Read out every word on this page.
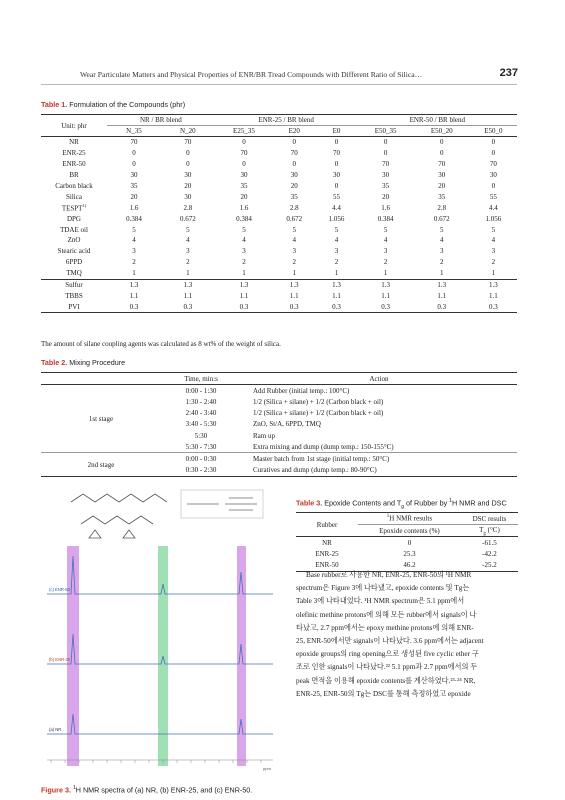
Wear Particulate Matters and Physical Properties of ENR/BR Tread Compounds with Different Ratio of Silica…	237
Table 1. Formulation of the Compounds (phr)
Unit: phr	NR / BR blend		ENR-25 / BR blend			ENR-50 / BR blend		
	N_35	N_20	E25_35	E20	E0	E50_35	E50_20	E50_0
NR	70	70	0	0	0	0	0	0
ENR-25	0	0	70	70	70	0	0	0
ENR-50	0	0	0	0	0	70	70	70
BR	30	30	30	30	30	30	30	30
Carbon black	35	20	35	20	0	35	20	0
Silica	20	30	20	35	55	20	35	55
TESPT$^{1)}$	1.6	2.8	1.6	2.8	4.4	1.6	2.8	4.4
DPG	0.384	0.672	0.384	0.672	1.056	0.384	0.672	1.056
TDAE oil	5	5	5	5	5	5	5	5
ZnO	4	4	4	4	4	4	4	4
Stearic acid	3	3	3	3	3	3	3	3
6PPD	2	2	2	2	2	2	2	2
TMQ	1	1	1	1	1	1	1	1
Sulfur	1.3	1.3	1.3	1.3	1.3	1.3	1.3	1.3
TBBS	1.1	1.1	1.1	1.1	1.1	1.1	1.1	1.1
PVI	0.3	0.3	0.3	0.3	0.3	0.3	0.3	0.3
The amount of silane coupling agents was calculated as 8 wt% of the weight of silica.
Table 2. Mixing Procedure
	Time, min:s	Action
1st stage	0:00 - 1:30	Add Rubber (initial temp.: 100°C)
	1:30 - 2:40	1/2 (Silica + silane) + 1/2 (Carbon black + oil)
	2:40 - 3:40	1/2 (Silica + silane) + 1/2 (Carbon black + oil)
	3:40 - 5:30	ZnO, St/A, 6PPD, TMQ
	5:30	Ram up
	5:30 - 7:30	Extra mixing and dump (dump temp.: 150-155°C)
2nd stage	0:00 - 0:30	Master batch from 1st stage (initial temp.: 50°C)
	0:30 - 2:30	Curatives and dump (dump temp.: 80-90°C)
ppm
(c) ENR-50
(b) ENR-25
(a) NR
Figure 3. $^1$H NMR spectra of (a) NR, (b) ENR-25, and (c) ENR-50.
Table 3. Epoxide Contents and $T_g$ of Rubber by $^1$H NMR and DSC
Rubber	$^1$H NMR results	DSC results
	Epoxide contents (%)	$T_g$ (°C)
NR	0	-61.5
ENR-25	25.3	-42.2
ENR-50	46.2	-25.2
Base rubber로 사용한 NR, ENR-25, ENR-50의 ¹H NMR
spectrum은 Figure 3에 나타냈고, epoxide contents 및 Tg는
Table 3에 나타내었다. ¹H NMR spectrum은 5.1 ppm에서
olefinic methine protons에 의해 모든 rubber에서 signals이 나
타났고, 2.7 ppm에서는 epoxy methine protons에 의해 ENR-
25, ENR-50에서만 signals이 나타났다. 3.6 ppm에서는 adjacent
epoxide groups의 ring opening으로 생성된 five cyclic ether 구
조로 인한 signals이 나타났다.²² 5.1 ppm과 2.7 ppm에서의 두
peak 면적을 이용해 epoxide contents를 계산하였다.²³·²⁴ NR,
ENR-25, ENR-50의 Tg는 DSC를 통해 측정하였고 epoxide
